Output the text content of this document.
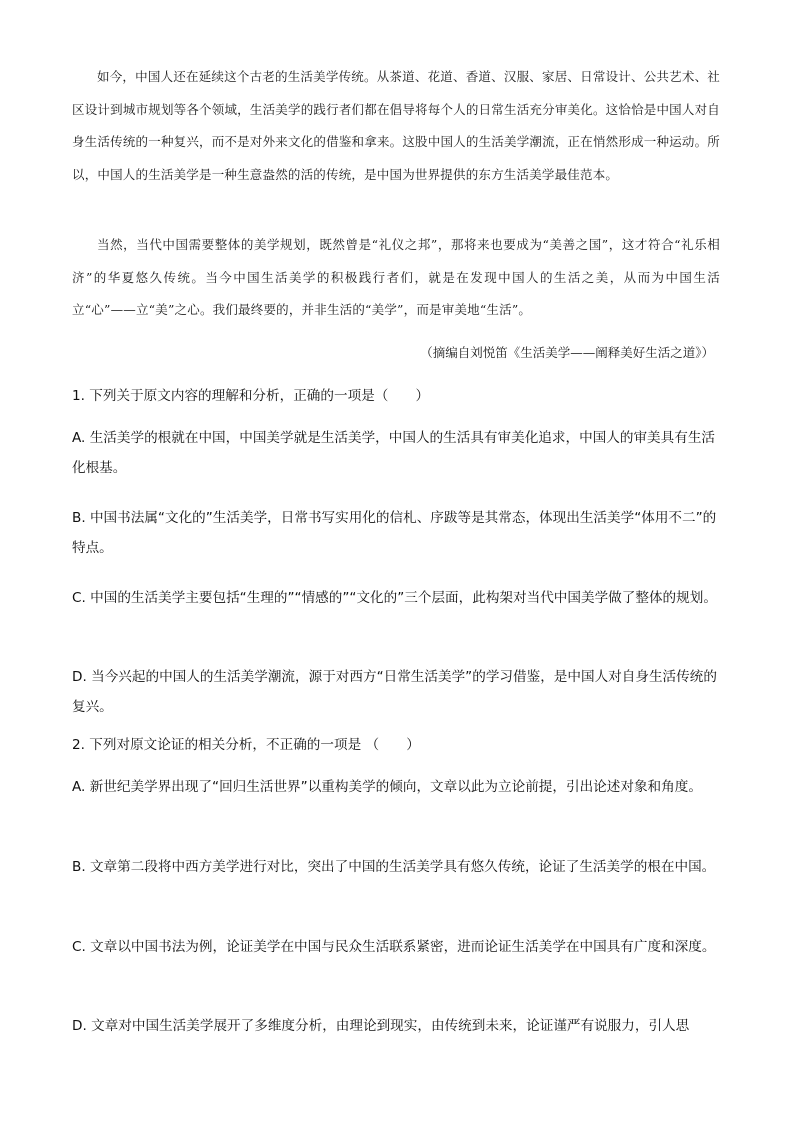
如今，中国人还在延续这个古老的生活美学传统。从茶道、花道、香道、汉服、家居、日常设计、公共艺术、社区设计到城市规划等各个领域，生活美学的践行者们都在倡导将每个人的日常生活充分审美化。这恰恰是中国人对自身生活传统的一种复兴，而不是对外来文化的借鉴和拿来。这股中国人的生活美学潮流，正在悄然形成一种运动。所以，中国人的生活美学是一种生意盎然的活的传统，是中国为世界提供的东方生活美学最佳范本。

当然，当代中国需要整体的美学规划，既然曾是“礼仪之邦”，那将来也要成为“美善之国”，这才符合“礼乐相济”的华夏悠久传统。当今中国生活美学的积极践行者们，就是在发现中国人的生活之美，从而为中国生活立“心”——立“美”之心。我们最终要的，并非生活的“美学”，而是审美地“生活”。

（摘编自刘悦笛《生活美学——阐释美好生活之道》）

1. 下列关于原文内容的理解和分析，正确的一项是（　　）

A. 生活美学的根就在中国，中国美学就是生活美学，中国人的生活具有审美化追求，中国人的审美具有生活化根基。

B. 中国书法属“文化的”生活美学，日常书写实用化的信札、序跋等是其常态，体现出生活美学“体用不二”的特点。

C. 中国的生活美学主要包括“生理的”“情感的”“文化的”三个层面，此构架对当代中国美学做了整体的规划。

D. 当今兴起的中国人的生活美学潮流，源于对西方“日常生活美学”的学习借鉴，是中国人对自身生活传统的复兴。

2. 下列对原文论证的相关分析，不正确的一项是 （　　）

A. 新世纪美学界出现了“回归生活世界”以重构美学的倾向，文章以此为立论前提，引出论述对象和角度。

B. 文章第二段将中西方美学进行对比，突出了中国的生活美学具有悠久传统，论证了生活美学的根在中国。

C. 文章以中国书法为例，论证美学在中国与民众生活联系紧密，进而论证生活美学在中国具有广度和深度。

D. 文章对中国生活美学展开了多维度分析，由理论到现实，由传统到未来，论证谨严有说服力，引人思
